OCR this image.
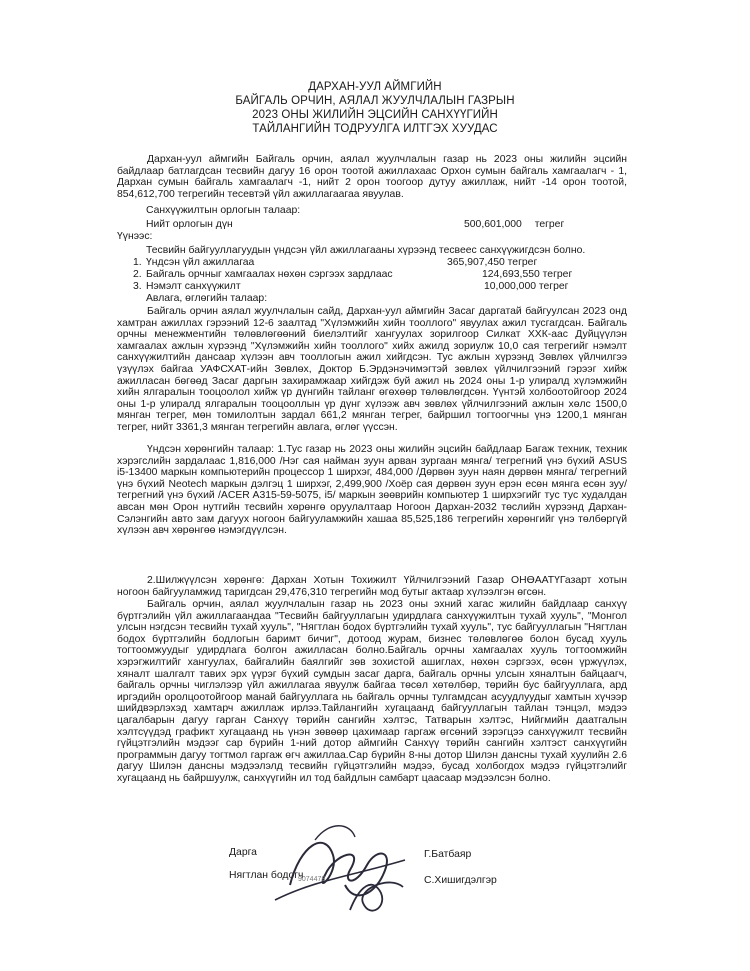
ДАРХАН-УУЛ АЙМГИЙН
БАЙГАЛЬ ОРЧИН, АЯЛАЛ ЖУУЛЧЛАЛЫН ГАЗРЫН
2023 ОНЫ ЖИЛИЙН ЭЦСИЙН САНХҮҮГИЙН
ТАЙЛАНГИЙН ТОДРУУЛГА ИЛТГЭХ ХУУДАС

Дархан-уул аймгийн Байгаль орчин, аялал жуулчлалын газар нь 2023 оны жилийн эцсийн байдлаар батлагдсан тесвийн дагуу 16 орон тоотой ажиллахаас Орхон сумын байгаль хамгаалагч - 1, Дархан сумын байгаль хамгаалагч -1, нийт 2 орон тоогоор дутуу ажиллаж, нийт -14 орон тоотой, 854,612,700 тегрегийн тесевтэй үйл ажиллагаагаа явуулав.

Санхүүжилтын орлогын талаар:
Нийт орлогын дүн	500,601,000 тегрег
Үүнээс:
Тесвийн байгууллагуудын үндсэн үйл ажиллагааны хүрээнд тесвеес санхүүжигдсэн болно.
1. Үндсэн үйл ажиллагаа	365,907,450 тегрег
2. Байгаль орчныг хамгаалах нөхөн сэргээх зардлаас	124,693,550 тегрег
3. Нэмэлт санхүүжилт	10,000,000 тегрег
Авлага, өглөгийн талаар:

Байгаль орчин аялал жуулчлалын сайд, Дархан-уул аймгийн Засаг даргатай байгуулсан 2023 онд хамтран ажиллах гэрээний 12-6 заалтад "Хүлэмжийн хийн тооллого" явуулах ажил тусгагдсан. Байгаль орчны менежментийн төлөвлөгөөний биелэлтийг хангуулах зорилгоор Силкат ХХК-аас Дуйцүүлэн хамгаалах ажлын хүрээнд "Хүлэмжийн хийн тооллого" хийх ажилд зориулж 10,0 сая тегрегийг нэмэлт санхүүжилтийн дансаар хүлээн авч тооллогын ажил хийгдсэн. Тус ажлын хүрээнд Зөвлөх үйлчилгээ үзүүлэх байгаа УАФСХАТ-ийн Зөвлөх, Доктор Б.Эрдэнэчимэгтэй зөвлөх үйлчилгээний гэрээг хийж ажилласан бөгөөд Засаг даргын захирамжаар хийгдэж буй ажил нь 2024 оны 1-р улиралд хүлэмжийн хийн ялгаралын тооцоолол хийж үр дүнгийн тайланг өгөхөөр төлөвлөгдсөн. Үүнтэй холбоотойгоор 2024 оны 1-р улиралд ялгаралын тооцооллын үр дүнг хүлээж авч зөвлөх үйлчилгээний ажлын хөлс 1500,0 мянган тегрег, мөн томилолтын зардал 661,2 мянган тегрег, байршил тогтоогчны үнэ 1200,1 мянган тегрег, нийт 3361,3 мянган тегрегийн авлага, өглөг үүссэн.

Үндсэн хөрөнгийн талаар: 1.Тус газар нь 2023 оны жилийн эцсийн байдлаар Багаж техник, техник хэрэгслийн зардалаас 1,816,000 /Нэг сая найман зуун арван зургаан мянга/ тегрегний үнэ бүхий ASUS i5-13400 маркын компьютерийн процессор 1 ширхэг, 484,000 /Дөрвөн зуун наян дөрвөн мянга/ тегрегний үнэ бүхий Neotech маркын дэлгэц 1 ширхэг, 2,499,900 /Хоёр сая дөрвөн зуун ерэн есөн мянга есөн зуу/ тегрегний үнэ бүхий /ACER A315-59-5075, i5/ маркын зөөврийн компьютер 1 ширхэгийг тус тус худалдан авсан мөн Орон нутгийн тесвийн хөрөнгө оруулалтаар Ногоон Дархан-2032 төслийн хүрээнд Дархан-Сэлэнгийн авто зам дагуух ногоон байгууламжийн хашаа 85,525,186 тегрегийн хөрөнгийг үнэ төлбөргүй хүлээн авч хөрөнгөө нэмэгдүүлсэн.

2.Шилжүүлсэн хөрөнгө: Дархан Хотын Тохижилт Үйлчилгээний Газар ОНӨААТҮГазарт хотын ногоон байгууламжид таригдсан 29,476,310 тегрегийн мод бутыг актаар хүлээлгэн өгсөн.

Байгаль орчин, аялал жуулчлалын газар нь 2023 оны эхний хагас жилийн байдлаар санхүү бүртгэлийн үйл ажиллагаандаа "Тесвийн байгууллагын удирдлага санхүүжилтын тухай хууль", "Монгол улсын нэгдсэн тесвийн тухай хууль", "Нягтлан бодох бүртгэлийн тухай хууль", тус байгууллагын "Нягтлан бодох бүртгэлийн бодлогын баримт бичиг", дотоод журам, бизнес төлөвлөгөө болон бусад хууль тогтоомжуудыг удирдлага болгон ажилласан болно.Байгаль орчны хамгаалах хууль тогтоомжийн хэрэгжилтийг хангуулах, байгалийн баялгийг зөв зохистой ашиглах, нөхөн сэргээх, өсөн үржүүлэх, хяналт шалгалт тавих эрх үүрэг бүхий сумдын засаг дарга, байгаль орчны улсын хяналтын байцаагч, байгаль орчны чиглэлээр үйл ажиллагаа явуулж байгаа төсөл хөтөлбөр, төрийн бус байгууллага, ард иргэдийн оролцоотойгоор манай байгууллага нь байгаль орчны тулгамдсан асуудлуудыг хамтын хүчээр шийдвэрлэхэд хамтарч ажиллаж ирлээ.Тайлангийн хугацаанд байгууллагын тайлан тэнцэл, мэдээ цагалбарын дагуу гарган Санхүү төрийн сангийн хэлтэс, Татварын хэлтэс, Нийгмийн даатгалын хэлтсүүдэд графикт хугацаанд нь үнэн зөвөөр цахимаар гаргаж өгсөний зэрэгцээ санхүүжилт тесвийн гүйцэтгэлийн мэдээг сар бүрийн 1-ний дотор аймгийн Санхүү төрийн сангийн хэлтэст санхүүгийн программын дагуу тогтмол гаргаж өгч ажиллаа.Сар бүрийн 8-ны дотор Шилэн дансны тухай хуулийн 2.6 дагуу Шилэн дансны мэдээлэлд тесвийн гүйцэтгэлийн мэдээ, бусад холбогдох мэдээ гүйцэтгэлийг хугацаанд нь байршуулж, санхүүгийн ил тод байдлын самбарт цааcаар мэдээлсэн болно.

Дарга	Г.Батбаяр
Нягтлан бодогч	С.Хишигдэлгэр
9074478
